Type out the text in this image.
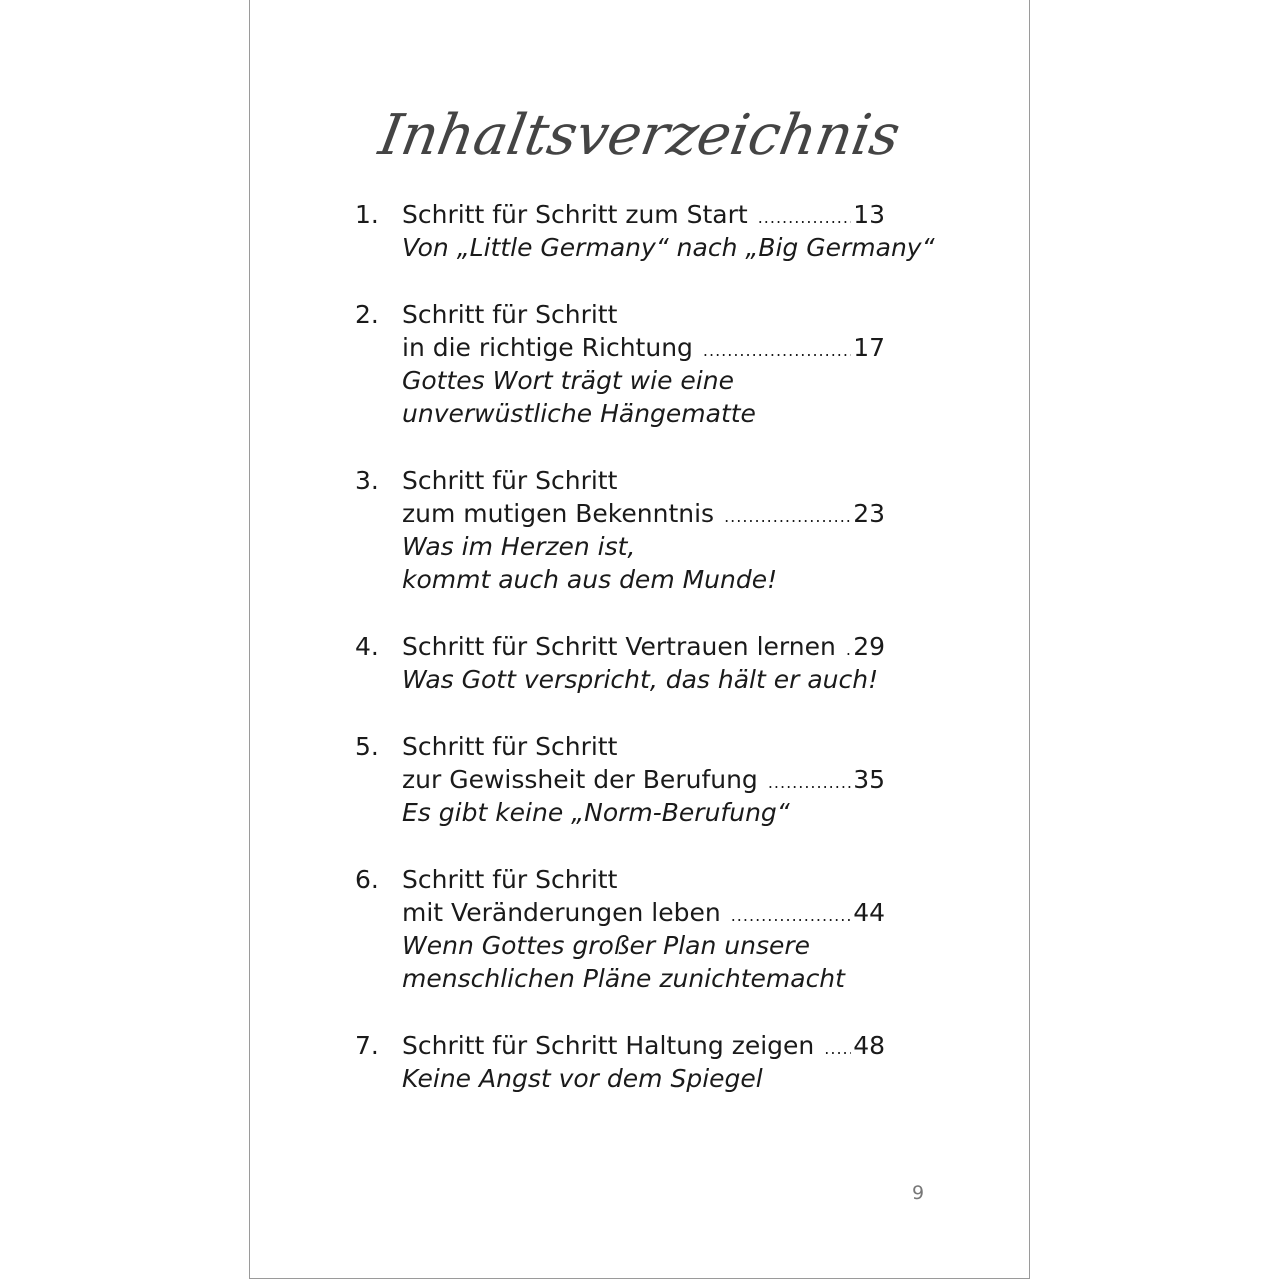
Inhaltsverzeichnis
1. Schritt für Schritt zum Start .....	13
Von „Little Germany“ nach „Big Germany“
2. Schritt für Schritt
in die richtige Richtung .....	17
Gottes Wort trägt wie eine
unverwüstliche Hängematte
3. Schritt für Schritt
zum mutigen Bekenntnis .....	23
Was im Herzen ist,
kommt auch aus dem Munde!
4. Schritt für Schritt Vertrauen lernen ..... 29
Was Gott verspricht, das hält er auch!
5. Schritt für Schritt
zur Gewissheit der Berufung .....	35
Es gibt keine „Norm-Berufung“
6. Schritt für Schritt
mit Veränderungen leben .....	44
Wenn Gottes großer Plan unsere
menschlichen Pläne zunichtemacht
7. Schritt für Schritt Haltung zeigen ..... 48
Keine Angst vor dem Spiegel
9
